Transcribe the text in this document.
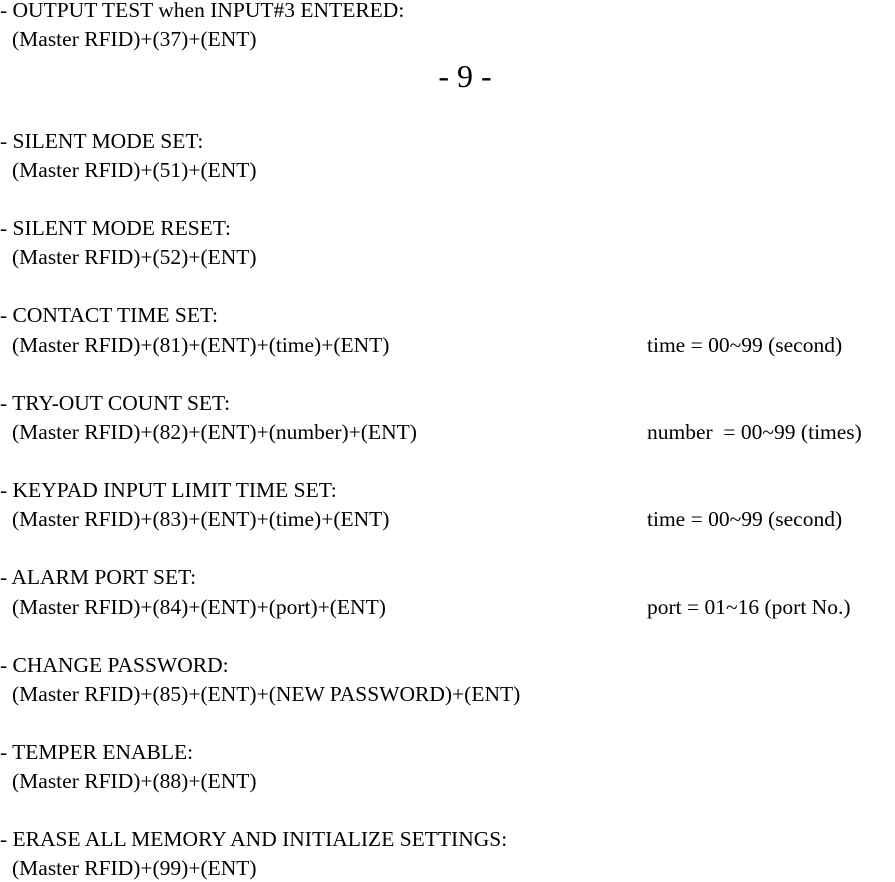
- OUTPUT TEST when INPUT#3 ENTERED:
(Master RFID)+(37)+(ENT)
- 9 -
- SILENT MODE SET:
(Master RFID)+(51)+(ENT)
- SILENT MODE RESET:
(Master RFID)+(52)+(ENT)
- CONTACT TIME SET:
(Master RFID)+(81)+(ENT)+(time)+(ENT)	time = 00~99 (second)
- TRY-OUT COUNT SET:
(Master RFID)+(82)+(ENT)+(number)+(ENT)	number  = 00~99 (times)
- KEYPAD INPUT LIMIT TIME SET:
(Master RFID)+(83)+(ENT)+(time)+(ENT)	time = 00~99 (second)
- ALARM PORT SET:
(Master RFID)+(84)+(ENT)+(port)+(ENT)	port = 01~16 (port No.)
- CHANGE PASSWORD:
(Master RFID)+(85)+(ENT)+(NEW PASSWORD)+(ENT)
- TEMPER ENABLE:
(Master RFID)+(88)+(ENT)
- ERASE ALL MEMORY AND INITIALIZE SETTINGS:
(Master RFID)+(99)+(ENT)
